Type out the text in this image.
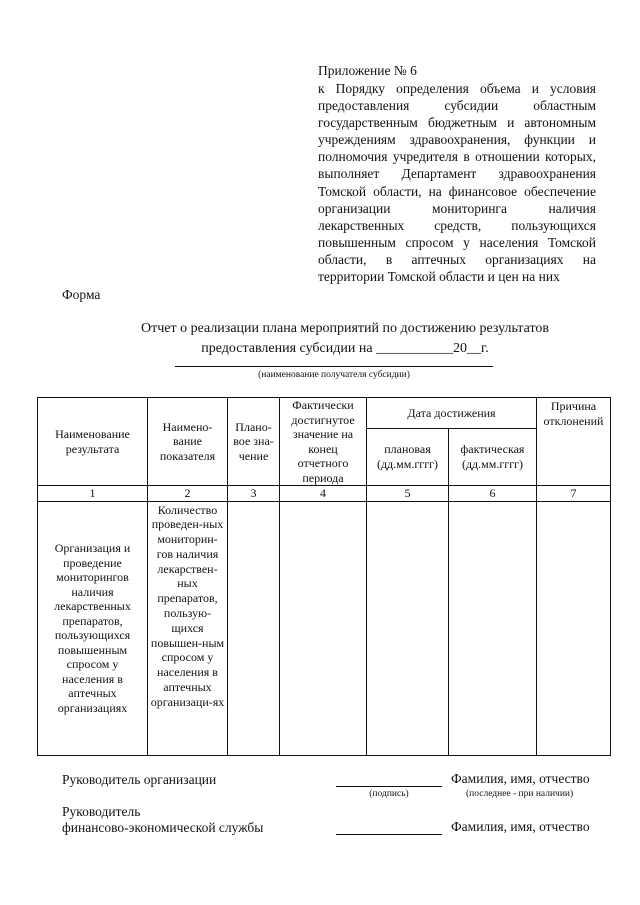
Приложение № 6
к Порядку определения объема и условия предоставления субсидии областным государственным бюджетным и автономным учреждениям здравоохранения, функции и полномочия учредителя в отношении которых, выполняет Департамент здравоохранения Томской области, на финансовое обеспечение организации мониторинга наличия лекарственных средств, пользующихся повышенным спросом у населения Томской области, в аптечных организациях на территории Томской области и цен на них
Форма
Отчет о реализации плана мероприятий по достижению результатов
предоставления субсидии на ___________20__г.
(наименование получателя субсидии)
Наименование результата	Наимено-вание показателя	Плано-вое зна-чение	Фактически достигнутое значение на конец отчетного периода	Дата достижения		Причина отклонений
				плановая (дд.мм.гггг)	фактическая (дд.мм.гггг)	
1	2	3	4	5	6	7
Организация и проведение мониторингов наличия лекарственных препаратов, пользующихся повышенным спросом у населения в аптечных организациях	Количество проведен-ных мониторин-гов наличия лекарствен-ных препаратов, пользую-щихся повышен-ным спросом у населения в аптечных организаци-ях					
Руководитель организации	Фамилия, имя, отчество
(подпись)	(последнее - при наличии)
Руководитель
финансово-экономической службы	Фамилия, имя, отчество
